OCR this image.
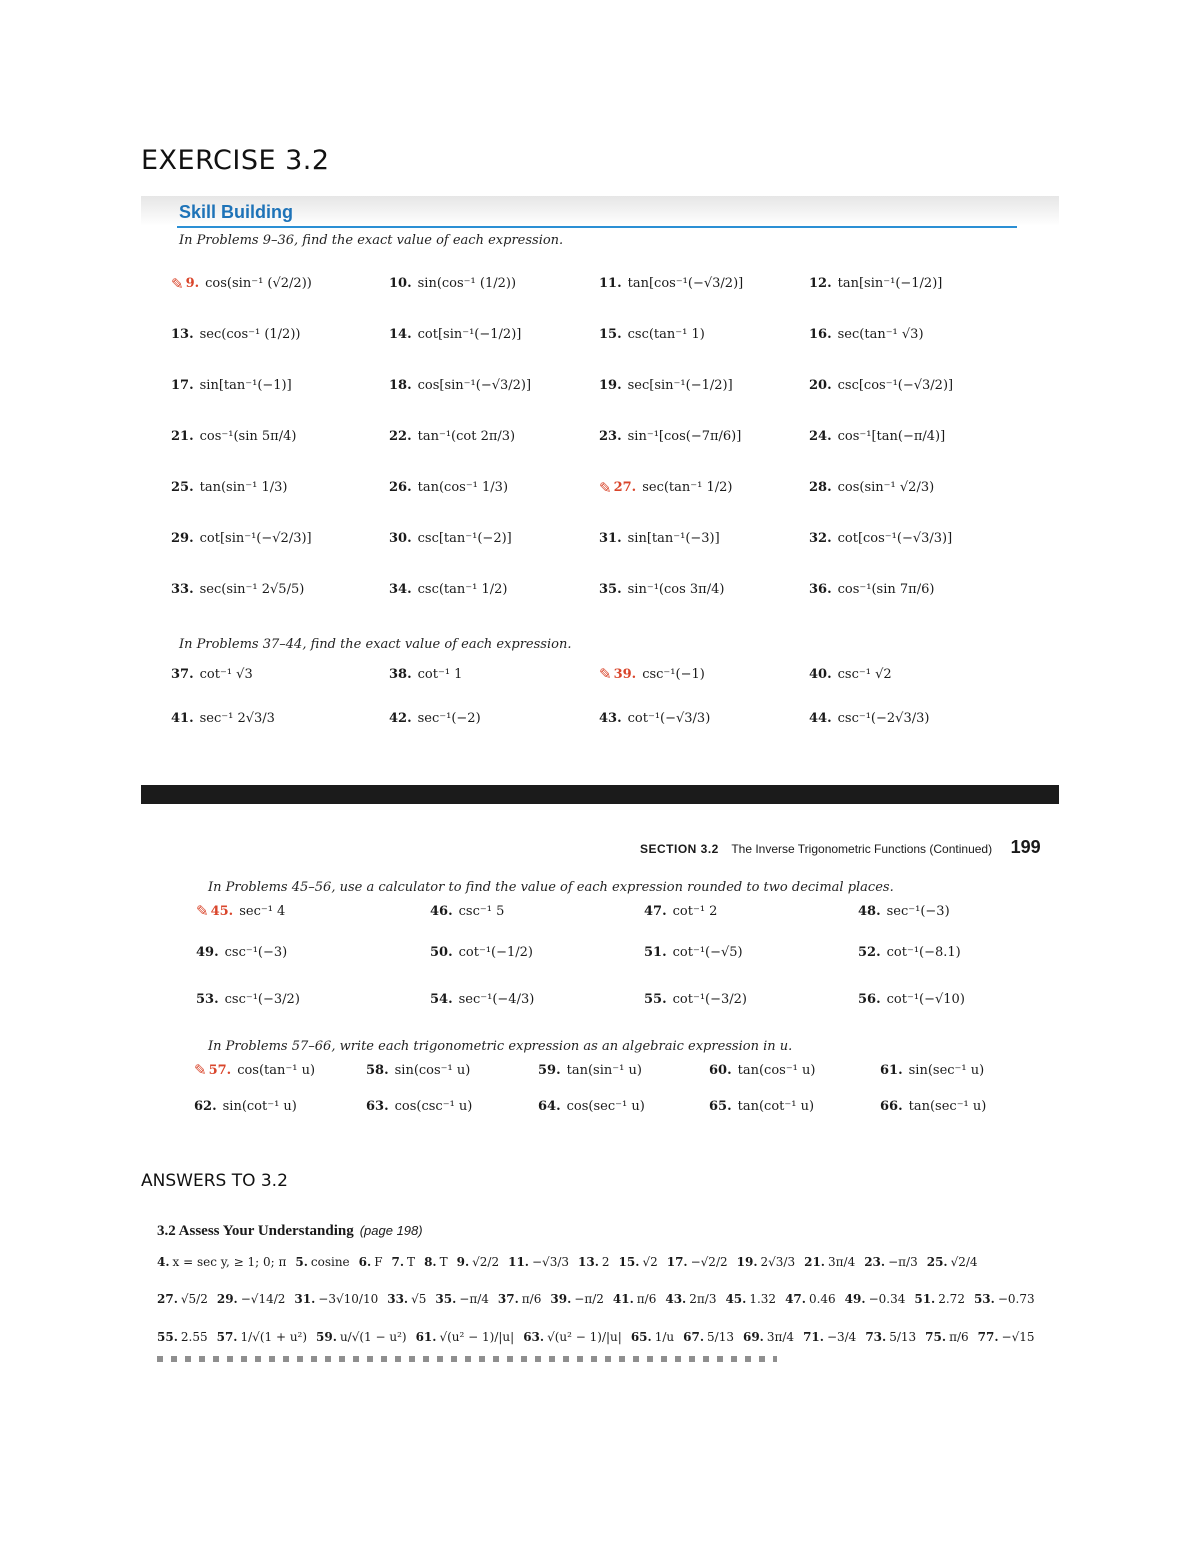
EXERCISE 3.2
Skill Building
In Problems 9–36, find the exact value of each expression.
✎ 9. cos(sin⁻¹ (√2/2))	10. sin(cos⁻¹ (1/2))	11. tan[cos⁻¹(−√3/2)]	12. tan[sin⁻¹(−1/2)]
13. sec(cos⁻¹ (1/2))	14. cot[sin⁻¹(−1/2)]	15. csc(tan⁻¹ 1)	16. sec(tan⁻¹ √3)
17. sin[tan⁻¹(−1)]	18. cos[sin⁻¹(−√3/2)]	19. sec[sin⁻¹(−1/2)]	20. csc[cos⁻¹(−√3/2)]
21. cos⁻¹(sin 5π/4)	22. tan⁻¹(cot 2π/3)	23. sin⁻¹[cos(−7π/6)]	24. cos⁻¹[tan(−π/4)]
25. tan(sin⁻¹ 1/3)	26. tan(cos⁻¹ 1/3)	✎ 27. sec(tan⁻¹ 1/2)	28. cos(sin⁻¹ √2/3)
29. cot[sin⁻¹(−√2/3)]	30. csc[tan⁻¹(−2)]	31. sin[tan⁻¹(−3)]	32. cot[cos⁻¹(−√3/3)]
33. sec(sin⁻¹ 2√5/5)	34. csc(tan⁻¹ 1/2)	35. sin⁻¹(cos 3π/4)	36. cos⁻¹(sin 7π/6)
In Problems 37–44, find the exact value of each expression.
37. cot⁻¹ √3	38. cot⁻¹ 1	✎ 39. csc⁻¹(−1)	40. csc⁻¹ √2
41. sec⁻¹ 2√3/3	42. sec⁻¹(−2)	43. cot⁻¹(−√3/3)	44. csc⁻¹(−2√3/3)
SECTION 3.2 The Inverse Trigonometric Functions (Continued) 199
In Problems 45–56, use a calculator to find the value of each expression rounded to two decimal places.
✎ 45. sec⁻¹ 4	46. csc⁻¹ 5	47. cot⁻¹ 2	48. sec⁻¹(−3)
49. csc⁻¹(−3)	50. cot⁻¹(−1/2)	51. cot⁻¹(−√5)	52. cot⁻¹(−8.1)
53. csc⁻¹(−3/2)	54. sec⁻¹(−4/3)	55. cot⁻¹(−3/2)	56. cot⁻¹(−√10)
In Problems 57–66, write each trigonometric expression as an algebraic expression in u.
✎ 57. cos(tan⁻¹ u)	58. sin(cos⁻¹ u)	59. tan(sin⁻¹ u)	60. tan(cos⁻¹ u)	61. sin(sec⁻¹ u)
62. sin(cot⁻¹ u)	63. cos(csc⁻¹ u)	64. cos(sec⁻¹ u)	65. tan(cot⁻¹ u)	66. tan(sec⁻¹ u)
ANSWERS TO 3.2
3.2 Assess Your Understanding (page 198)
4. x = sec y, ≥ 1; 0; π 5. cosine 6. F 7. T 8. T 9. √2/2 11. −√3/3 13. 2 15. √2 17. −√2/2 19. 2√3/3 21. 3π/4 23. −π/3 25. √2/4
27. √5/2 29. −√14/2 31. −3√10/10 33. √5 35. −π/4 37. π/6 39. −π/2 41. π/6 43. 2π/3 45. 1.32 47. 0.46 49. −0.34 51. 2.72 53. −0.73
55. 2.55 57. 1/√(1 + u²) 59. u/√(1 − u²) 61. √(u² − 1)/|u| 63. √(u² − 1)/|u| 65. 1/u 67. 5/13 69. 3π/4 71. −3/4 73. 5/13 75. π/6 77. −√15
